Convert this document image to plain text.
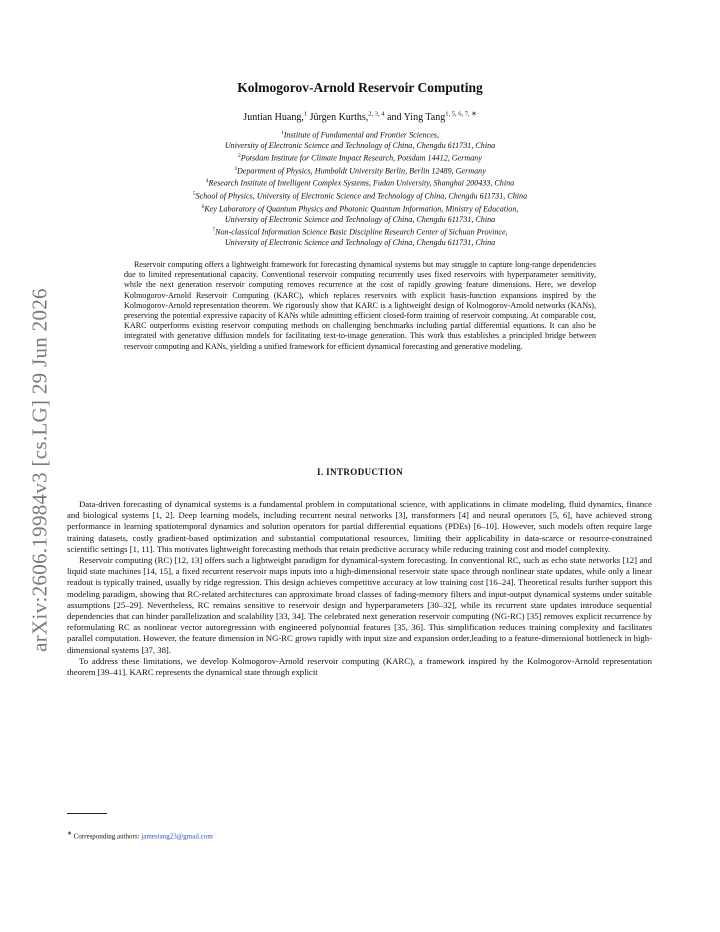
arXiv:2606.19984v3 [cs.LG] 29 Jun 2026
Kolmogorov-Arnold Reservoir Computing
Juntian Huang,$^1$ Jürgen Kurths,$^{2, 3, 4}$ and Ying Tang$^{1, 5, 6, 7, ∗}$
$^1$Institute of Fundamental and Frontier Sciences,
University of Electronic Science and Technology of China, Chengdu 611731, China
$^2$Potsdam Institute for Climate Impact Research, Potsdam 14412, Germany
$^3$Department of Physics, Humboldt University Berlin, Berlin 12489, Germany
$^4$Research Institute of Intelligent Complex Systems, Fudan University, Shanghai 200433, China
$^5$School of Physics, University of Electronic Science and Technology of China, Chengdu 611731, China
$^6$Key Laboratory of Quantum Physics and Photonic Quantum Information, Ministry of Education,
University of Electronic Science and Technology of China, Chengdu 611731, China
$^7$Non-classical Information Science Basic Discipline Research Center of Sichuan Province,
University of Electronic Science and Technology of China, Chengdu 611731, China

Reservoir computing offers a lightweight framework for forecasting dynamical systems but may struggle to capture long-range dependencies due to limited representational capacity. Conventional reservoir computing recurrently uses fixed reservoirs with hyperparameter sensitivity, while the next generation reservoir computing removes recurrence at the cost of rapidly growing feature dimensions. Here, we develop Kolmogorov-Arnold Reservoir Computing (KARC), which replaces reservoirs with explicit basis-function expansions inspired by the Kolmogorov-Arnold representation theorem. We rigorously show that KARC is a lightweight design of Kolmogorov-Arnold networks (KANs), preserving the potential expressive capacity of KANs while admitting efficient closed-form training of reservoir computing. At comparable cost, KARC outperforms existing reservoir computing methods on challenging benchmarks including partial differential equations. It can also be integrated with generative diffusion models for facilitating text-to-image generation. This work thus establishes a principled bridge between reservoir computing and KANs, yielding a unified framework for efficient dynamical forecasting and generative modeling.

I. INTRODUCTION

Data-driven forecasting of dynamical systems is a fundamental problem in computational science, with applications in climate modeling, fluid dynamics, finance and biological systems [1, 2]. Deep learning models, including recurrent neural networks [3], transformers [4] and neural operators [5, 6], have achieved strong performance in learning spatiotemporal dynamics and solution operators for partial differential equations (PDEs) [6–10]. However, such models often require large training datasets, costly gradient-based optimization and substantial computational resources, limiting their applicability in data-scarce or resource-constrained scientific settings [1, 11]. This motivates lightweight forecasting methods that retain predictive accuracy while reducing training cost and model complexity.

Reservoir computing (RC) [12, 13] offers such a lightweight paradigm for dynamical-system forecasting. In conventional RC, such as echo state networks [12] and liquid state machines [14, 15], a fixed recurrent reservoir maps inputs into a high-dimensional reservoir state space through nonlinear state updates, while only a linear readout is typically trained, usually by ridge regression. This design achieves competitive accuracy at low training cost [16–24]. Theoretical results further support this modeling paradigm, showing that RC-related architectures can approximate broad classes of fading-memory filters and input-output dynamical systems under suitable assumptions [25–29]. Nevertheless, RC remains sensitive to reservoir design and hyperparameters [30–32], while its recurrent state updates introduce sequential dependencies that can hinder parallelization and scalability [33, 34]. The celebrated next generation reservoir computing (NG-RC) [35] removes explicit recurrence by reformulating RC as nonlinear vector autoregression with engineered polynomial features [35, 36]. This simplification reduces training complexity and facilitates parallel computation. However, the feature dimension in NG-RC grows rapidly with input size and expansion order,leading to a feature-dimensional bottleneck in high-dimensional systems [37, 38].

To address these limitations, we develop Kolmogorov-Arnold reservoir computing (KARC), a framework inspired by the Kolmogorov-Arnold representation theorem [39–41]. KARC represents the dynamical state through explicit

∗ Corresponding authors: jamestang23@gmail.com
